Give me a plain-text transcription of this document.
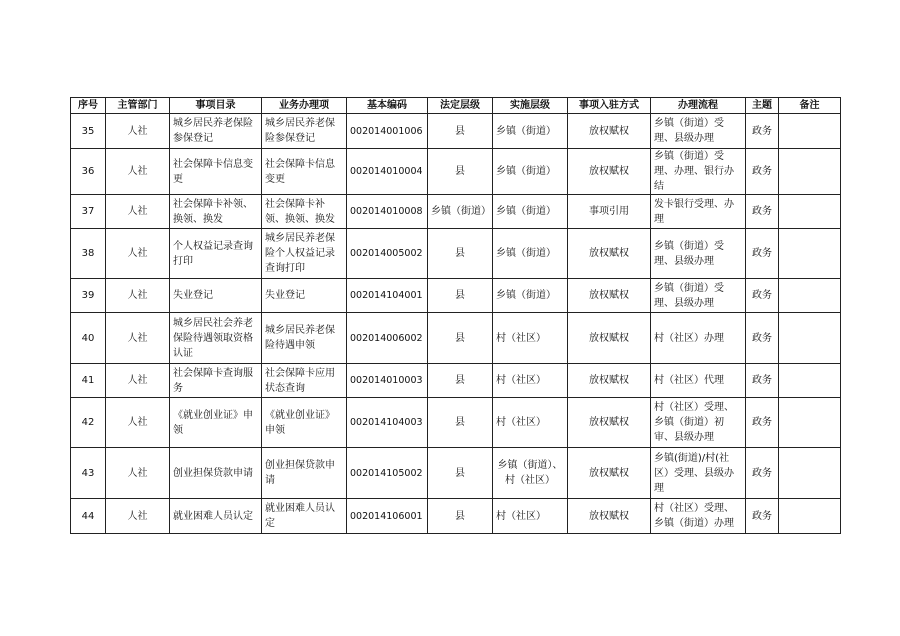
序号	主管部门	事项目录	业务办理项	基本编码	法定层级	实施层级	事项入驻方式	办理流程	主题	备注
35	人社	城乡居民养老保险参保登记	城乡居民养老保险参保登记	002014001006	县	乡镇（街道）	放权赋权	乡镇（街道）受理、县级办理	政务	
36	人社	社会保障卡信息变更	社会保障卡信息变更	002014010004	县	乡镇（街道）	放权赋权	乡镇（街道）受理、办理、银行办结	政务	
37	人社	社会保障卡补领、换领、换发	社会保障卡补领、换领、换发	002014010008	乡镇（街道）	乡镇（街道）	事项引用	发卡银行受理、办理	政务	
38	人社	个人权益记录查询打印	城乡居民养老保险个人权益记录查询打印	002014005002	县	乡镇（街道）	放权赋权	乡镇（街道）受理、县级办理	政务	
39	人社	失业登记	失业登记	002014104001	县	乡镇（街道）	放权赋权	乡镇（街道）受理、县级办理	政务	
40	人社	城乡居民社会养老保险待遇领取资格认证	城乡居民养老保险待遇申领	002014006002	县	村（社区）	放权赋权	村（社区）办理	政务	
41	人社	社会保障卡查询服务	社会保障卡应用状态查询	002014010003	县	村（社区）	放权赋权	村（社区）代理	政务	
42	人社	《就业创业证》申领	《就业创业证》申领	002014104003	县	村（社区）	放权赋权	村（社区）受理、乡镇（街道）初审、县级办理	政务	
43	人社	创业担保贷款申请	创业担保贷款申请	002014105002	县	乡镇（街道）、村（社区）	放权赋权	乡镇(街道)/村(社区）受理、县级办理	政务	
44	人社	就业困难人员认定	就业困难人员认定	002014106001	县	村（社区）	放权赋权	村（社区）受理、乡镇（街道）办理	政务	
